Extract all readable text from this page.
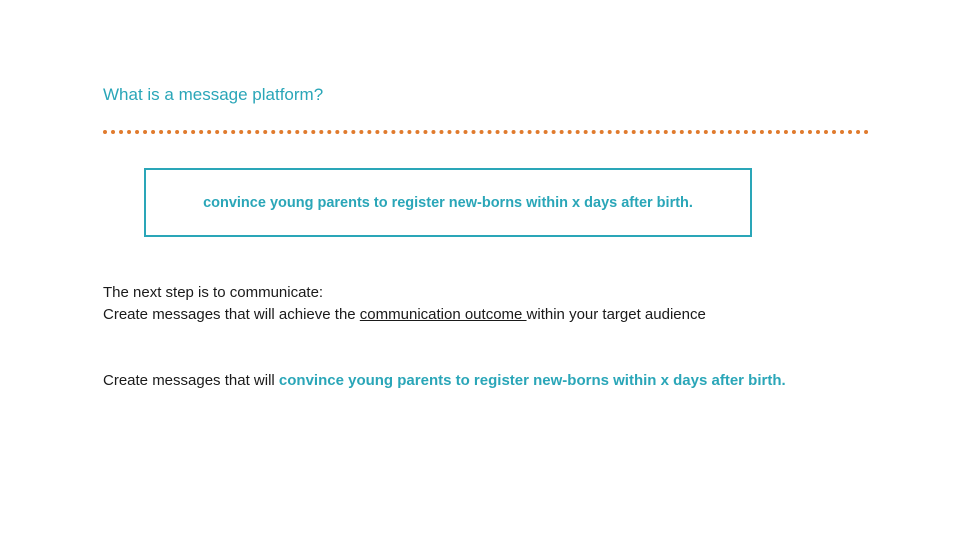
What is a message platform?
convince young parents to register new-borns within x days after birth.
The next step is to communicate:
Create messages that will achieve the communication outcome within your target audience
Create messages that will convince young parents to register new-borns within x days after birth.
